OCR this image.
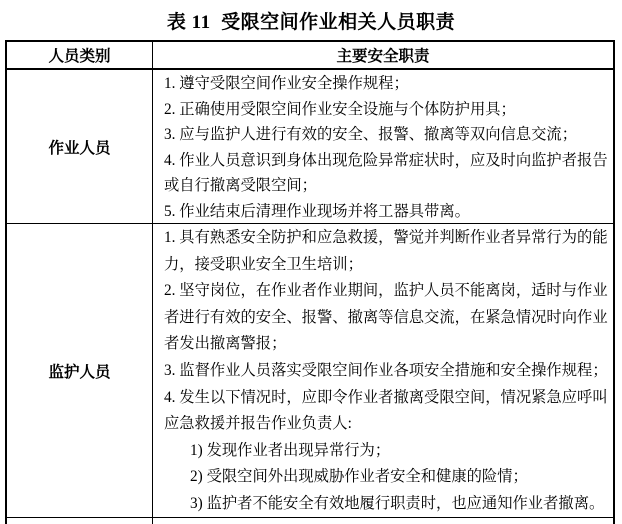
表 11  受限空间作业相关人员职责
人员类别	主要安全职责
作业人员
1. 遵守受限空间作业安全操作规程；
2. 正确使用受限空间作业安全设施与个体防护用具；
3. 应与监护人进行有效的安全、报警、撤离等双向信息交流；
4. 作业人员意识到身体出现危险异常症状时，应及时向监护者报告
或自行撤离受限空间；
5. 作业结束后清理作业现场并将工器具带离。
监护人员
1. 具有熟悉安全防护和应急救援，警觉并判断作业者异常行为的能
力，接受职业安全卫生培训；
2. 坚守岗位，在作业者作业期间，监护人员不能离岗，适时与作业
者进行有效的安全、报警、撤离等信息交流，在紧急情况时向作业
者发出撤离警报；
3. 监督作业人员落实受限空间作业各项安全措施和安全操作规程；
4. 发生以下情况时，应即令作业者撤离受限空间，情况紧急应呼叫
应急救援并报告作业负责人:
1) 发现作业者出现异常行为；
2) 受限空间外出现威胁作业者安全和健康的险情；
3) 监护者不能安全有效地履行职责时，也应通知作业者撤离。
